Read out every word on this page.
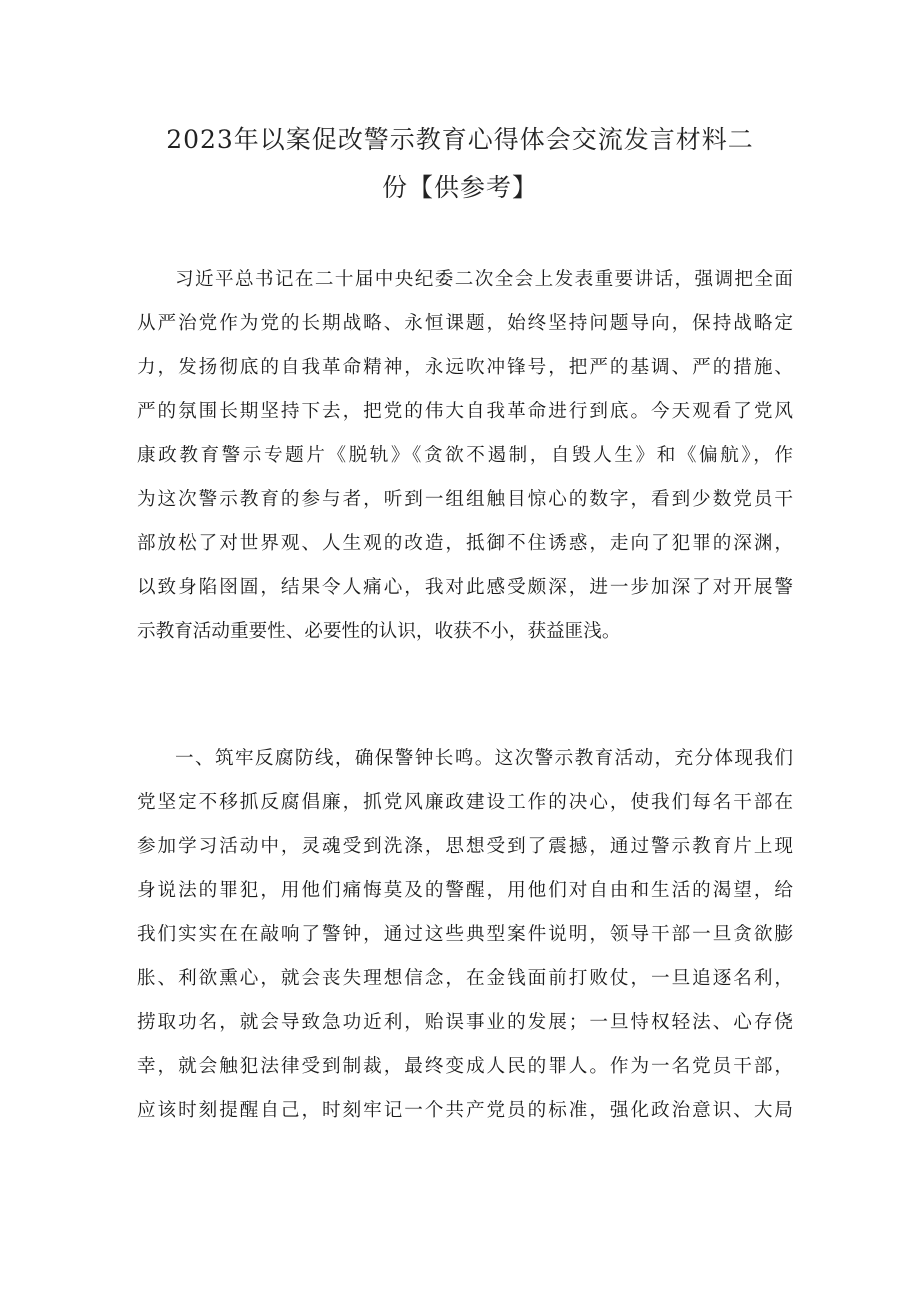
2023年以案促改警示教育心得体会交流发言材料二
份【供参考】
习近平总书记在二十届中央纪委二次全会上发表重要讲话，强调把全面
从严治党作为党的长期战略、永恒课题，始终坚持问题导向，保持战略定
力，发扬彻底的自我革命精神，永远吹冲锋号，把严的基调、严的措施、
严的氛围长期坚持下去，把党的伟大自我革命进行到底。今天观看了党风
康政教育警示专题片《脱轨》《贪欲不遏制，自毁人生》和《偏航》，作
为这次警示教育的参与者，听到一组组触目惊心的数字，看到少数党员干
部放松了对世界观、人生观的改造，抵御不住诱惑，走向了犯罪的深渊，
以致身陷囹圄，结果令人痛心，我对此感受颇深，进一步加深了对开展警
示教育活动重要性、必要性的认识，收获不小，获益匪浅。
一、筑牢反腐防线，确保警钟长鸣。这次警示教育活动，充分体现我们
党坚定不移抓反腐倡廉，抓党风廉政建设工作的决心，使我们每名干部在
参加学习活动中，灵魂受到洗涤，思想受到了震撼，通过警示教育片上现
身说法的罪犯，用他们痛悔莫及的警醒，用他们对自由和生活的渴望，给
我们实实在在敲响了警钟，通过这些典型案件说明，领导干部一旦贪欲膨
胀、利欲熏心，就会丧失理想信念，在金钱面前打败仗，一旦追逐名利，
捞取功名，就会导致急功近利，贻误事业的发展；一旦恃权轻法、心存侥
幸，就会触犯法律受到制裁，最终变成人民的罪人。作为一名党员干部，
应该时刻提醒自己，时刻牢记一个共产党员的标准，强化政治意识、大局
